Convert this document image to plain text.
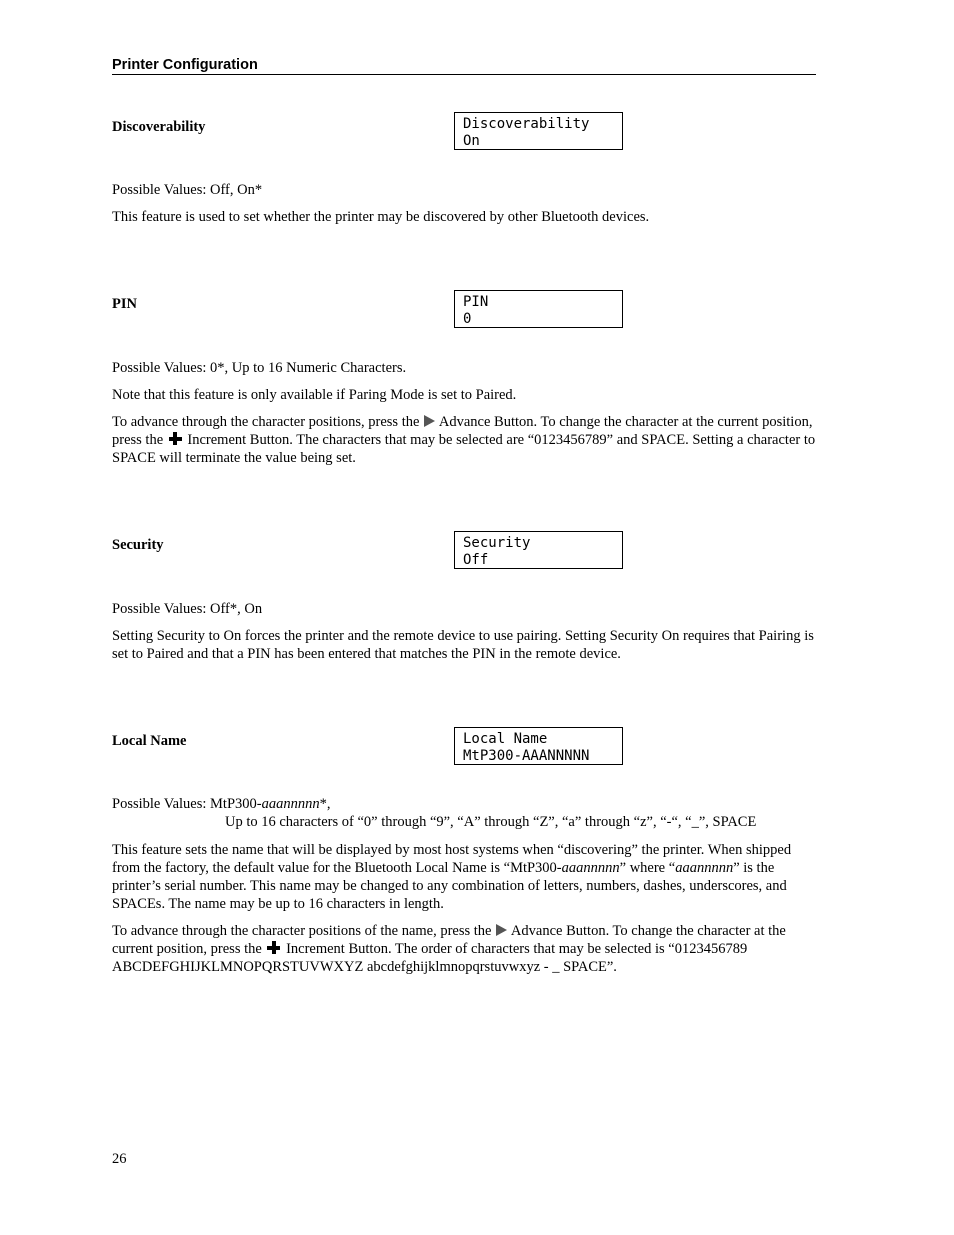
Printer Configuration
Discoverability	Discoverability
On

Possible Values: Off, On*

This feature is used to set whether the printer may be discovered by other Bluetooth devices.

PIN	PIN
0

Possible Values: 0*, Up to 16 Numeric Characters.

Note that this feature is only available if Paring Mode is set to Paired.

To advance through the character positions, press the  Advance Button. To change the character at the current position, press the  Increment Button. The characters that may be selected are “0123456789” and SPACE. Setting a character to SPACE will terminate the value being set.

Security	Security
Off

Possible Values: Off*, On

Setting Security to On forces the printer and the remote device to use pairing. Setting Security On requires that Pairing is set to Paired and that a PIN has been entered that matches the PIN in the remote device.

Local Name	Local Name
MtP300-AAANNNNN

Possible Values: MtP300-aaannnnn*,
Up to 16 characters of “0” through “9”, “A” through “Z”, “a” through “z”, “-“, “_”, SPACE

This feature sets the name that will be displayed by most host systems when “discovering” the printer. When shipped from the factory, the default value for the Bluetooth Local Name is “MtP300-aaannnnn” where “aaannnnn” is the printer’s serial number. This name may be changed to any combination of letters, numbers, dashes, underscores, and SPACEs. The name may be up to 16 characters in length.

To advance through the character positions of the name, press the  Advance Button. To change the character at the current position, press the  Increment Button. The order of characters that may be selected is “0123456789 ABCDEFGHIJKLMNOPQRSTUVWXYZ abcdefghijklmnopqrstuvwxyz - _ SPACE”.

26
